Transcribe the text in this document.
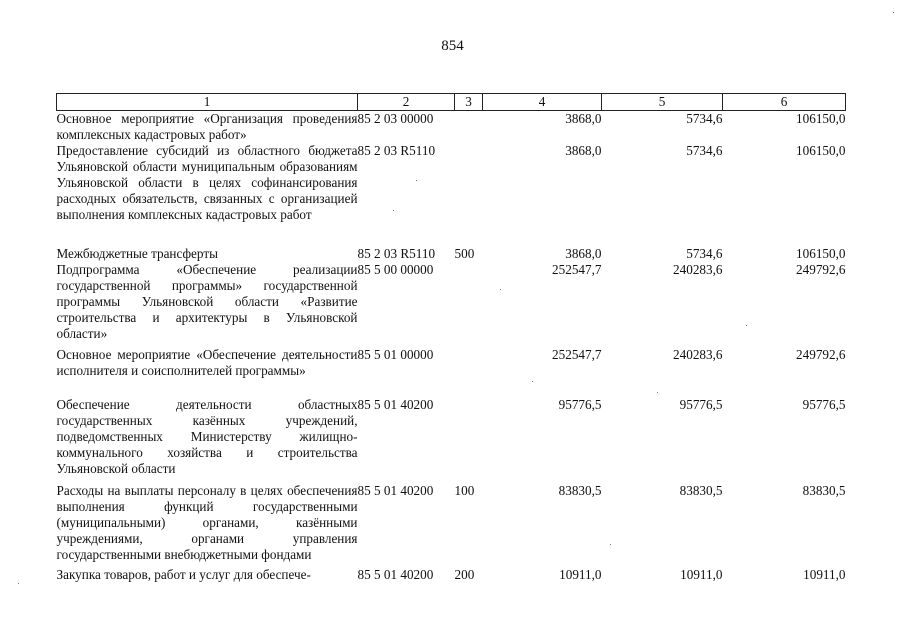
854
1	2	3	4	5	6
Основное мероприятие «Организация проведения комплексных кадастровых работ»	85 2 03 00000		3868,0	5734,6	106150,0
Предоставление субсидий из областного бюджета Ульяновской области муниципальным образованиям Ульяновской области в целях софинансирования расходных обязательств, связанных с организацией выполнения комплексных кадастровых работ	85 2 03 R5110		3868,0	5734,6	106150,0
Межбюджетные трансферты	85 2 03 R5110	500	3868,0	5734,6	106150,0
Подпрограмма «Обеспечение реализации государственной программы» государственной программы Ульяновской области «Развитие строительства и архитектуры в Ульяновской области»	85 5 00 00000		252547,7	240283,6	249792,6
Основное мероприятие «Обеспечение деятельности исполнителя и соисполнителей программы»	85 5 01 00000		252547,7	240283,6	249792,6
Обеспечение деятельности областных государственных казённых учреждений, подведомственных Министерству жилищно-коммунального хозяйства и строительства Ульяновской области	85 5 01 40200		95776,5	95776,5	95776,5
Расходы на выплаты персоналу в целях обеспечения выполнения функций государственными (муниципальными) органами, казёнными учреждениями, органами управления государственными внебюджетными фондами	85 5 01 40200	100	83830,5	83830,5	83830,5
Закупка товаров, работ и услуг для обеспече-	85 5 01 40200	200	10911,0	10911,0	10911,0
